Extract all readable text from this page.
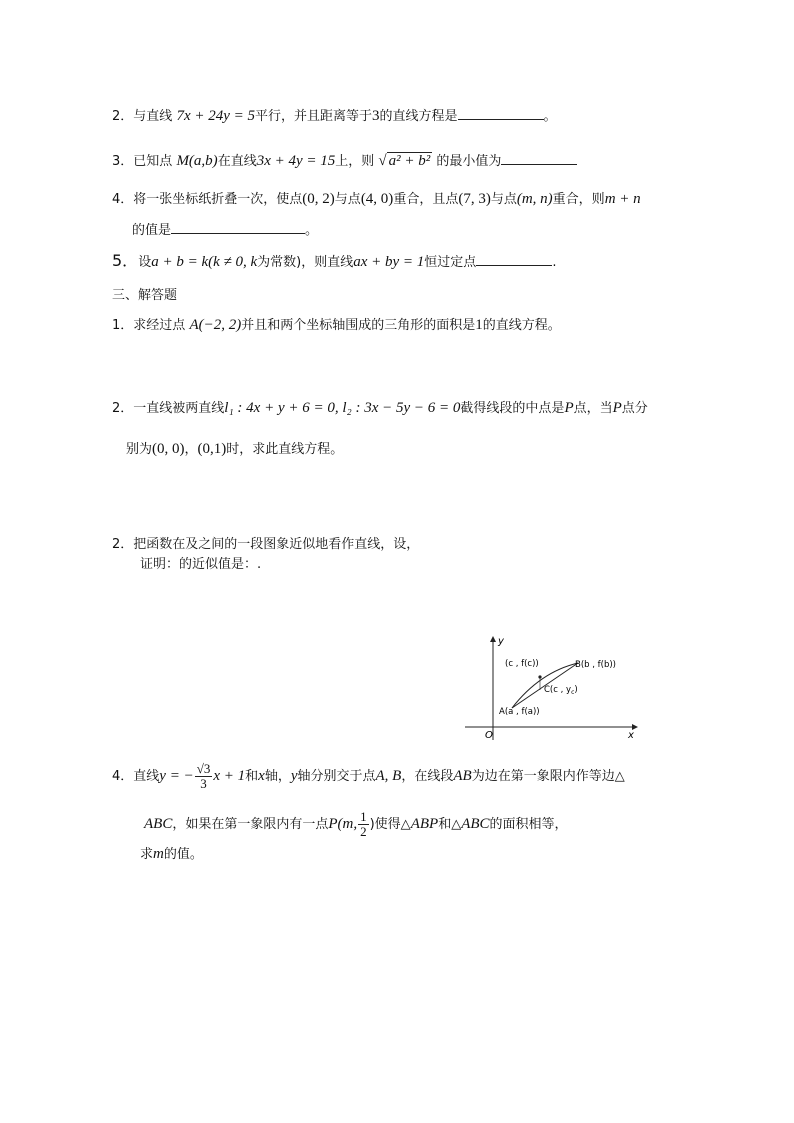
2．与直线 7x + 24y = 5平行，并且距离等于3的直线方程是	。
3．已知点 M(a,b)在直线3x + 4y = 15上，则 √ a² + b² 的最小值为
4．将一张坐标纸折叠一次，使点(0, 2)与点(4, 0)重合，且点(7, 3)与点(m, n)重合，则m + n
的值是	。
5．设a + b = k(k ≠ 0, k为常数)，则直线ax + by = 1恒过定点	.
三、解答题
1．求经过点 A(−2, 2)并且和两个坐标轴围成的三角形的面积是1的直线方程。
2．一直线被两直线l₁ : 4x + y + 6 = 0, l₂ : 3x − 5y − 6 = 0截得线段的中点是P点，当P点分
别为(0, 0)，(0,1)时，求此直线方程。
2．把函数在及之间的一段图象近似地看作直线，设，
证明：的近似值是：.
y
x
O
(c , f(c))	B(b , f(b))
C(c , $y_c$)
A(a , f(a))
4．直线y = − $\frac{√3}{3}$ x + 1和x轴，y轴分别交于点A, B，在线段AB为边在第一象限内作等边△
ABC，如果在第一象限内有一点P(m, $\frac{1}{2}$ )使得△ABP和△ABC的面积相等，
求m的值。
